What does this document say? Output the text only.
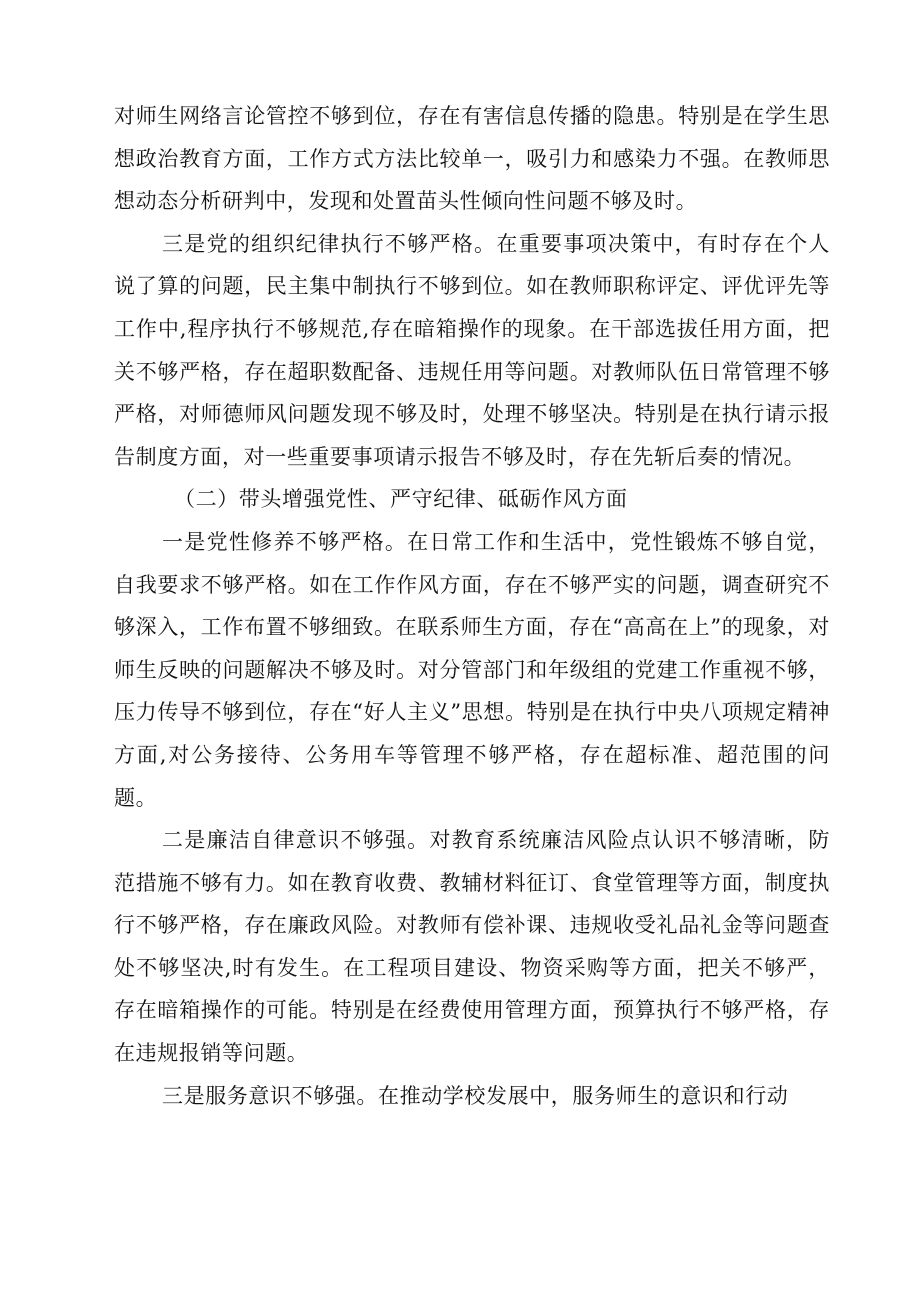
对师生网络言论管控不够到位，存在有害信息传播的隐患。特别是在学生思想政治教育方面，工作方式方法比较单一，吸引力和感染力不强。在教师思想动态分析研判中，发现和处置苗头性倾向性问题不够及时。

三是党的组织纪律执行不够严格。在重要事项决策中，有时存在个人说了算的问题，民主集中制执行不够到位。如在教师职称评定、评优评先等工作中,程序执行不够规范,存在暗箱操作的现象。在干部选拔任用方面，把关不够严格，存在超职数配备、违规任用等问题。对教师队伍日常管理不够严格，对师德师风问题发现不够及时，处理不够坚决。特别是在执行请示报告制度方面，对一些重要事项请示报告不够及时，存在先斩后奏的情况。

（二）带头增强党性、严守纪律、砥砺作风方面

一是党性修养不够严格。在日常工作和生活中，党性锻炼不够自觉，自我要求不够严格。如在工作作风方面，存在不够严实的问题，调查研究不够深入，工作布置不够细致。在联系师生方面，存在“高高在上”的现象，对师生反映的问题解决不够及时。对分管部门和年级组的党建工作重视不够，压力传导不够到位，存在“好人主义”思想。特别是在执行中央八项规定精神方面,对公务接待、公务用车等管理不够严格，存在超标准、超范围的问题。

二是廉洁自律意识不够强。对教育系统廉洁风险点认识不够清晰，防范措施不够有力。如在教育收费、教辅材料征订、食堂管理等方面，制度执行不够严格，存在廉政风险。对教师有偿补课、违规收受礼品礼金等问题查处不够坚决,时有发生。在工程项目建设、物资采购等方面，把关不够严，存在暗箱操作的可能。特别是在经费使用管理方面，预算执行不够严格，存在违规报销等问题。

三是服务意识不够强。在推动学校发展中，服务师生的意识和行动
